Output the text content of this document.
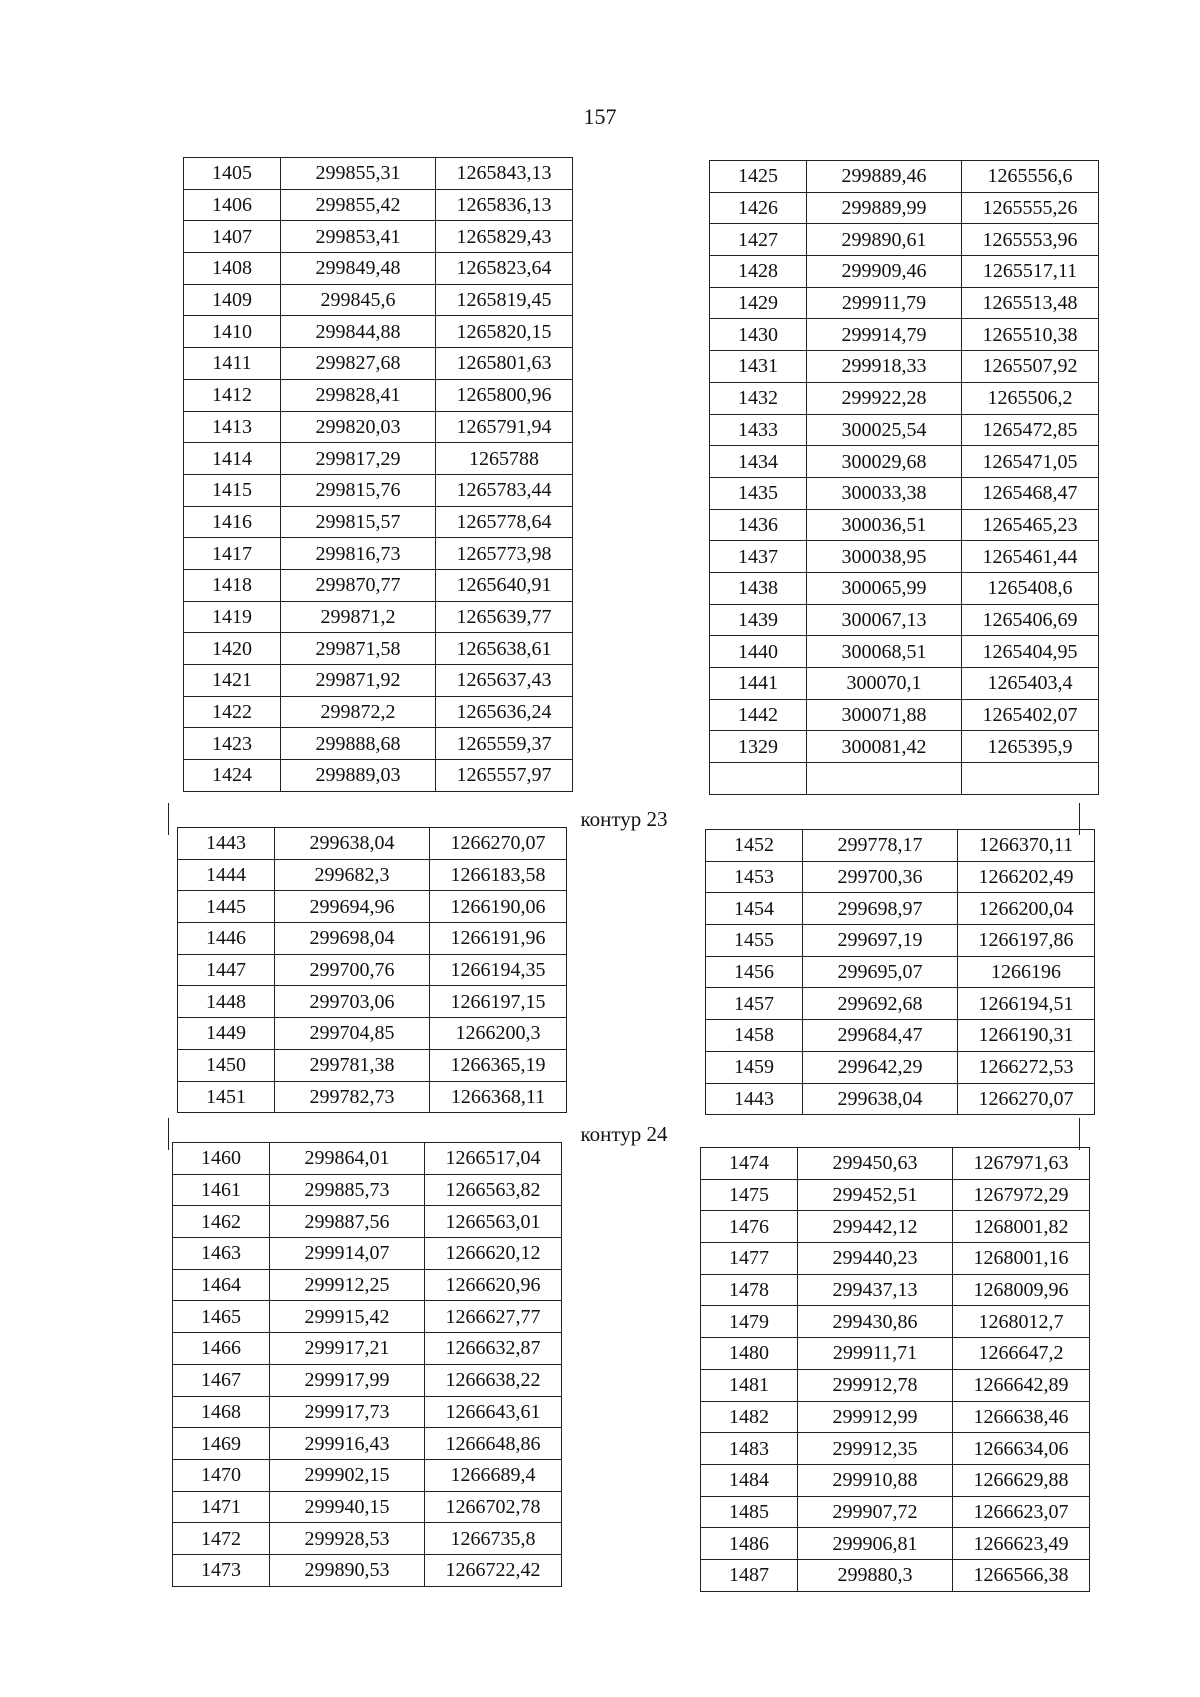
157
1405	299855,31	1265843,13
1406	299855,42	1265836,13
1407	299853,41	1265829,43
1408	299849,48	1265823,64
1409	299845,6	1265819,45
1410	299844,88	1265820,15
1411	299827,68	1265801,63
1412	299828,41	1265800,96
1413	299820,03	1265791,94
1414	299817,29	1265788
1415	299815,76	1265783,44
1416	299815,57	1265778,64
1417	299816,73	1265773,98
1418	299870,77	1265640,91
1419	299871,2	1265639,77
1420	299871,58	1265638,61
1421	299871,92	1265637,43
1422	299872,2	1265636,24
1423	299888,68	1265559,37
1424	299889,03	1265557,97
1425	299889,46	1265556,6
1426	299889,99	1265555,26
1427	299890,61	1265553,96
1428	299909,46	1265517,11
1429	299911,79	1265513,48
1430	299914,79	1265510,38
1431	299918,33	1265507,92
1432	299922,28	1265506,2
1433	300025,54	1265472,85
1434	300029,68	1265471,05
1435	300033,38	1265468,47
1436	300036,51	1265465,23
1437	300038,95	1265461,44
1438	300065,99	1265408,6
1439	300067,13	1265406,69
1440	300068,51	1265404,95
1441	300070,1	1265403,4
1442	300071,88	1265402,07
1329	300081,42	1265395,9

контур 23
1443	299638,04	1266270,07
1444	299682,3	1266183,58
1445	299694,96	1266190,06
1446	299698,04	1266191,96
1447	299700,76	1266194,35
1448	299703,06	1266197,15
1449	299704,85	1266200,3
1450	299781,38	1266365,19
1451	299782,73	1266368,11
1452	299778,17	1266370,11
1453	299700,36	1266202,49
1454	299698,97	1266200,04
1455	299697,19	1266197,86
1456	299695,07	1266196
1457	299692,68	1266194,51
1458	299684,47	1266190,31
1459	299642,29	1266272,53
1443	299638,04	1266270,07
контур 24
1460	299864,01	1266517,04
1461	299885,73	1266563,82
1462	299887,56	1266563,01
1463	299914,07	1266620,12
1464	299912,25	1266620,96
1465	299915,42	1266627,77
1466	299917,21	1266632,87
1467	299917,99	1266638,22
1468	299917,73	1266643,61
1469	299916,43	1266648,86
1470	299902,15	1266689,4
1471	299940,15	1266702,78
1472	299928,53	1266735,8
1473	299890,53	1266722,42
1474	299450,63	1267971,63
1475	299452,51	1267972,29
1476	299442,12	1268001,82
1477	299440,23	1268001,16
1478	299437,13	1268009,96
1479	299430,86	1268012,7
1480	299911,71	1266647,2
1481	299912,78	1266642,89
1482	299912,99	1266638,46
1483	299912,35	1266634,06
1484	299910,88	1266629,88
1485	299907,72	1266623,07
1486	299906,81	1266623,49
1487	299880,3	1266566,38
